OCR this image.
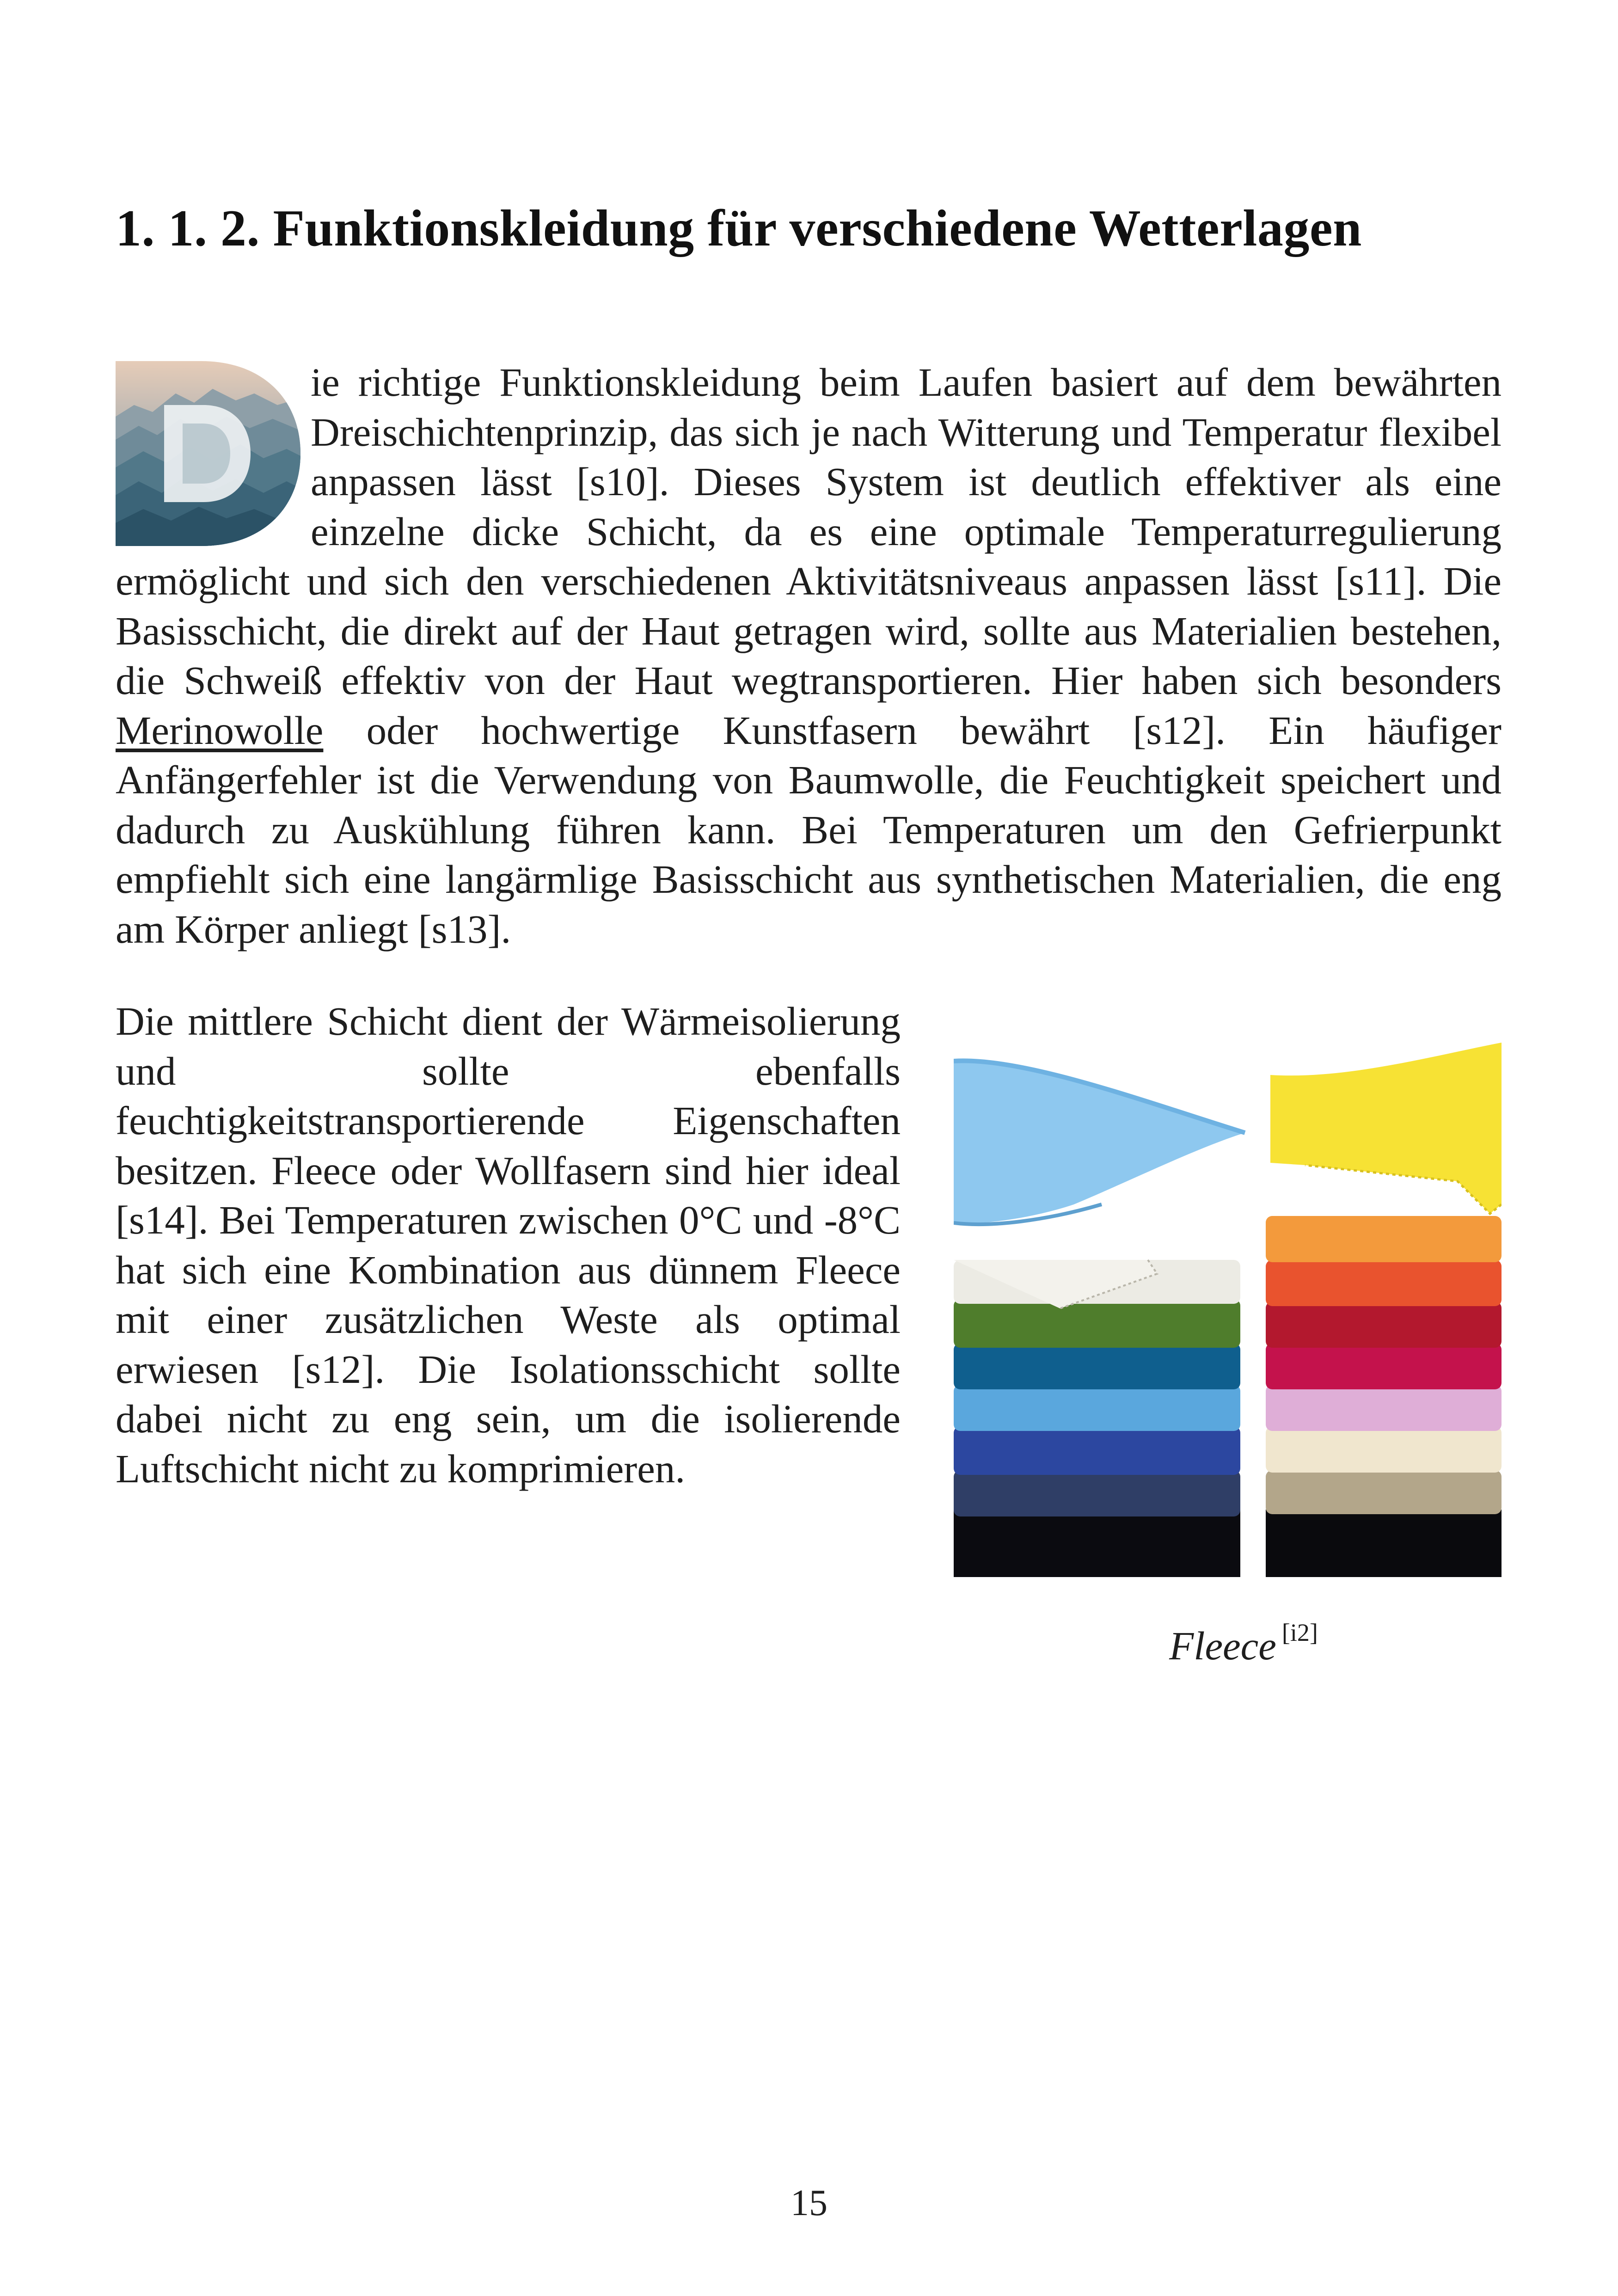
1. 1. 2. Funktionskleidung für verschiedene Wetterlagen

ie richtige Funktionskleidung beim Laufen basiert auf dem bewährten Dreischichtenprinzip, das sich je nach Witterung und Temperatur flexibel anpassen lässt [s10]. Dieses System ist deutlich effektiver als eine einzelne dicke Schicht, da es eine optimale Temperaturregulierung ermöglicht und sich den verschiedenen Aktivitätsniveaus anpassen lässt [s11]. Die Basisschicht, die direkt auf der Haut getragen wird, sollte aus Materialien bestehen, die Schweiß effektiv von der Haut wegtransportieren. Hier haben sich besonders Merinowolle oder hochwertige Kunstfasern bewährt [s12]. Ein häufiger Anfängerfehler ist die Verwendung von Baumwolle, die Feuchtigkeit speichert und dadurch zu Auskühlung führen kann. Bei Temperaturen um den Gefrierpunkt empfiehlt sich eine langärmlige Basisschicht aus synthetischen Materialien, die eng am Körper anliegt [s13].

Die mittlere Schicht dient der Wärmeisolierung und sollte ebenfalls feuchtigkeitstransportierende Eigenschaften besitzen. Fleece oder Wollfasern sind hier ideal [s14]. Bei Temperaturen zwischen 0°C und -8°C hat sich eine Kombination aus dünnem Fleece mit einer zusätzlichen Weste als optimal erwiesen [s12]. Die Isolationsschicht sollte dabei nicht zu eng sein, um die isolierende Luftschicht nicht zu komprimieren.

Fleece [i2]
15
